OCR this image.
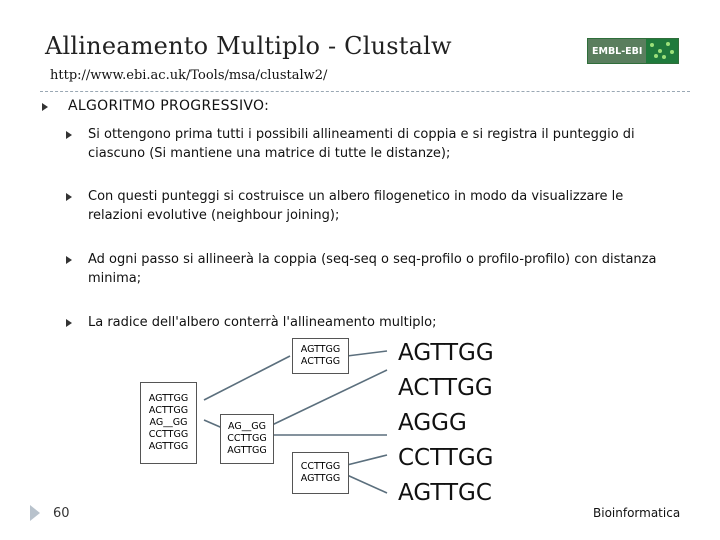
Allineamento Multiplo - Clustalw
http://www.ebi.ac.uk/Tools/msa/clustalw2/
EMBL-EBI
ALGORITMO PROGRESSIVO:
Si ottengono prima tutti i possibili allineamenti di coppia e si registra il punteggio di ciascuno (Si mantiene una matrice di tutte le distanze);
Con questi punteggi si costruisce un albero filogenetico in modo da visualizzare le relazioni evolutive (neighbour joining);
Ad ogni passo si allineerà la coppia (seq-seq o seq-profilo o profilo-profilo) con distanza minima;
La radice dell'albero conterrà l'allineamento multiplo;
AGTTGG
ACTTGG
AG__GG
CCTTGG
AGTTGG
AGTTGG
ACTTGG
AG__GG
CCTTGG
AGTTGG
CCTTGG
AGTTGG
AGTTGG
ACTTGG
AGGG
CCTTGG
AGTTGC
60	Bioinformatica
